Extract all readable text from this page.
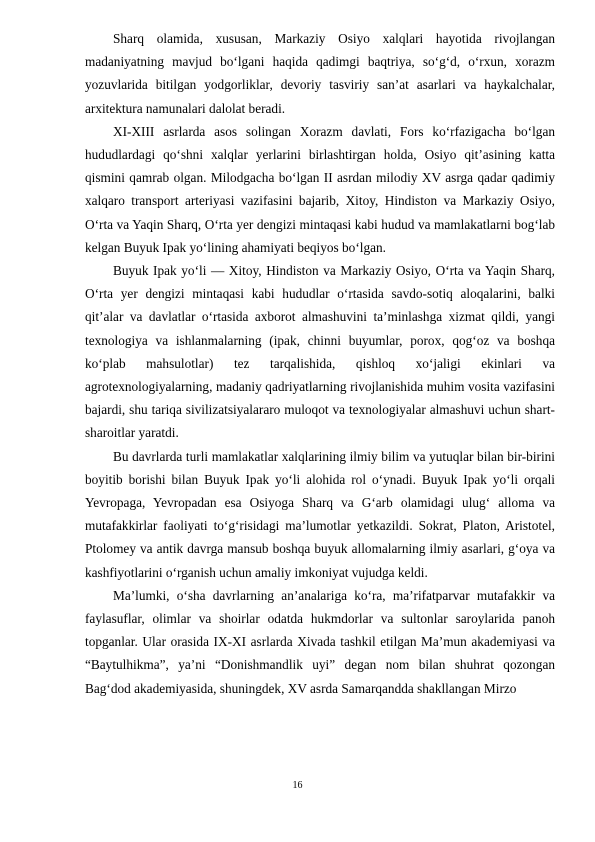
Sharq olamida, xususan, Markaziy Osiyo xalqlari hayotida rivojlangan madaniyatning mavjud boʻlgani haqida qadimgi baqtriya, soʻgʻd, oʻrxun, xorazm yozuvlarida bitilgan yodgorliklar, devoriy tasviriy san’at asarlari va haykalchalar, arxitektura namunalari dalolat beradi.

XI-XIII asrlarda asos solingan Xorazm davlati, Fors koʻrfazigacha boʻlgan hududlardagi qoʻshni xalqlar yerlarini birlashtirgan holda, Osiyo qit’asining katta qismini qamrab olgan. Milodgacha boʻlgan II asrdan milodiy XV asrga qadar qadimiy xalqaro transport arteriyasi vazifasini bajarib, Xitoy, Hindiston va Markaziy Osiyo, Oʻrta va Yaqin Sharq, Oʻrta yer dengizi mintaqasi kabi hudud va mamlakatlarni bogʻlab kelgan Buyuk Ipak yoʻlining ahamiyati beqiyos boʻlgan.

Buyuk Ipak yoʻli — Xitoy, Hindiston va Markaziy Osiyo, Oʻrta va Yaqin Sharq, Oʻrta yer dengizi mintaqasi kabi hududlar oʻrtasida savdo-sotiq aloqalarini, balki qit’alar va davlatlar oʻrtasida axborot almashuvini ta’minlashga xizmat qildi, yangi texnologiya va ishlanmalarning (ipak, chinni buyumlar, porox, qogʻoz va boshqa koʻplab mahsulotlar) tez tarqalishida, qishloq xoʻjaligi ekinlari va agrotexnologiyalarning, madaniy qadriyatlarning rivojlanishida muhim vosita vazifasini bajardi, shu tariqa sivilizatsiyalararo muloqot va texnologiyalar almashuvi uchun shart-sharoitlar yaratdi.

Bu davrlarda turli mamlakatlar xalqlarining ilmiy bilim va yutuqlar bilan bir-birini boyitib borishi bilan Buyuk Ipak yoʻli alohida rol oʻynadi. Buyuk Ipak yoʻli orqali Yevropaga, Yevropadan esa Osiyoga Sharq va Gʻarb olamidagi ulugʻ alloma va mutafakkirlar faoliyati toʻgʻrisidagi ma’lumotlar yetkazildi. Sokrat, Platon, Aristotel, Ptolomey va antik davrga mansub boshqa buyuk allomalarning ilmiy asarlari, gʻoya va kashfiyotlarini oʻrganish uchun amaliy imkoniyat vujudga keldi.

Ma’lumki, oʻsha davrlarning an’analariga koʻra, ma’rifatparvar mutafakkir va faylasuflar, olimlar va shoirlar odatda hukmdorlar va sultonlar saroylarida panoh topganlar. Ular orasida IX-XI asrlarda Xivada tashkil etilgan Ma’mun akademiyasi va “Baytulhikma”, ya’ni “Donishmandlik uyi” degan nom bilan shuhrat qozongan Bagʻdod akademiyasida, shuningdek, XV asrda Samarqandda shakllangan Mirzo

16
